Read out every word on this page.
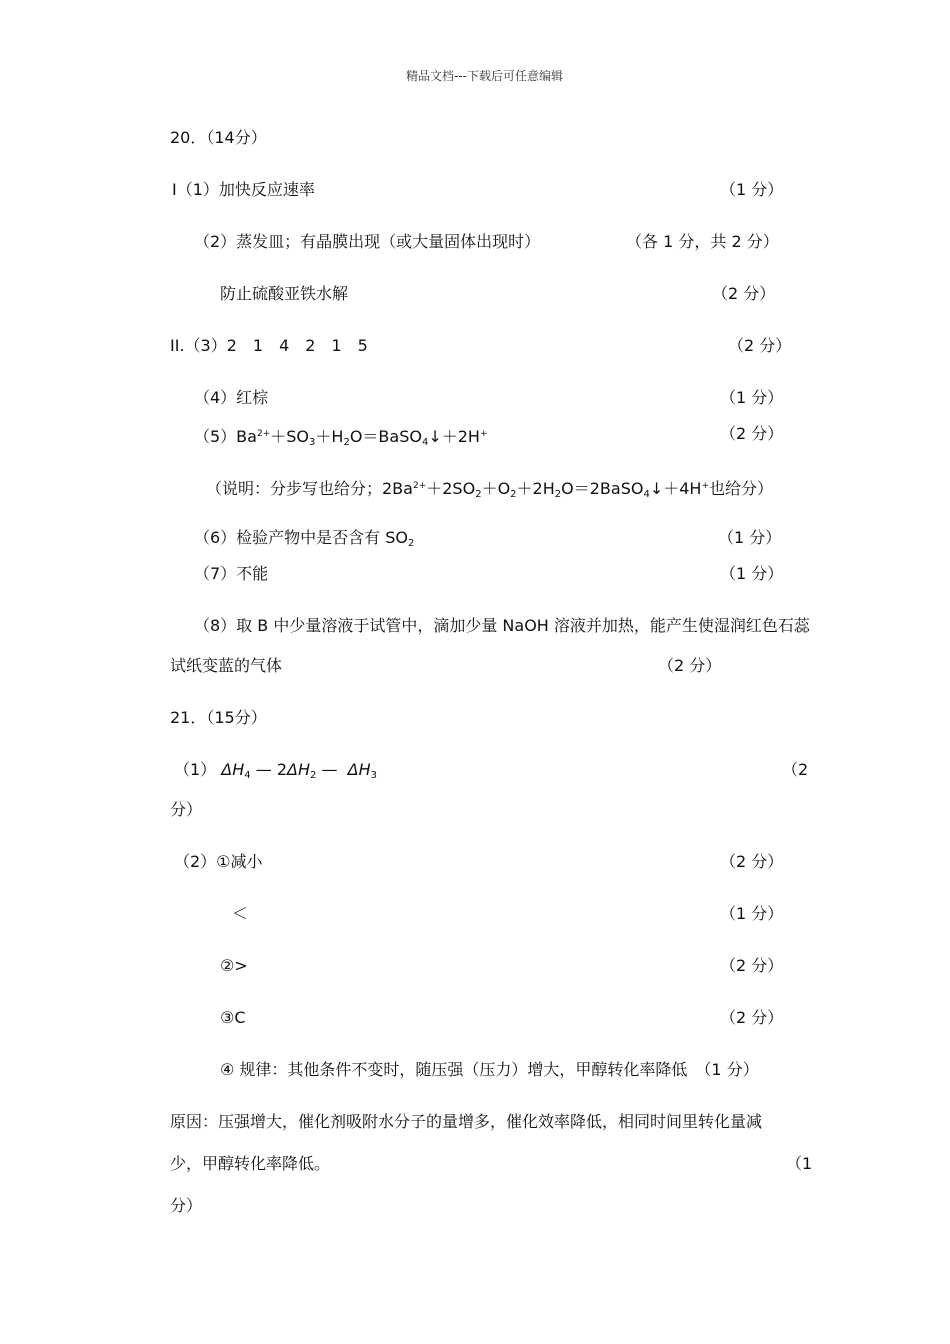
精品文档---下载后可任意编辑
20．（14分）
Ⅰ（1）加快反应速率	（1 分）
（2）蒸发皿；有晶膜出现（或大量固体出现时）	（各 1 分，共 2 分）
防止硫酸亚铁水解	（2 分）
II.（3）2　1　4　2　1　5	（2 分）
（4）红棕	（1 分）
$(5)Ba^{2+}+SO_3+H_2O=BaSO_4↓+2H^+$	（2 分）
（说明：分步写也给分；$2Ba^{2+}+2SO_2+O_2+2H_2O=2BaSO_4↓+4H^+$也给分）
（6）检验产物中是否含有 $SO_2$	（1 分）
（7）不能	（1 分）
（8）取 B 中少量溶液于试管中，滴加少量 NaOH 溶液并加热，能产生使湿润红色石蕊
试纸变蓝的气体	（2 分）
21．（15分）
（1） $\Delta H_4$ — $2\Delta H_2$ — $\Delta H_3$	（2
分）
（2）①减小	（2 分）
＜	（1 分）
②>	（2 分）
③C	（2 分）
④ 规律：其他条件不变时，随压强（压力）增大，甲醇转化率降低　（1 分）
原因：压强增大，催化剂吸附水分子的量增多，催化效率降低，相同时间里转化量减
少，甲醇转化率降低。	（1
分）
